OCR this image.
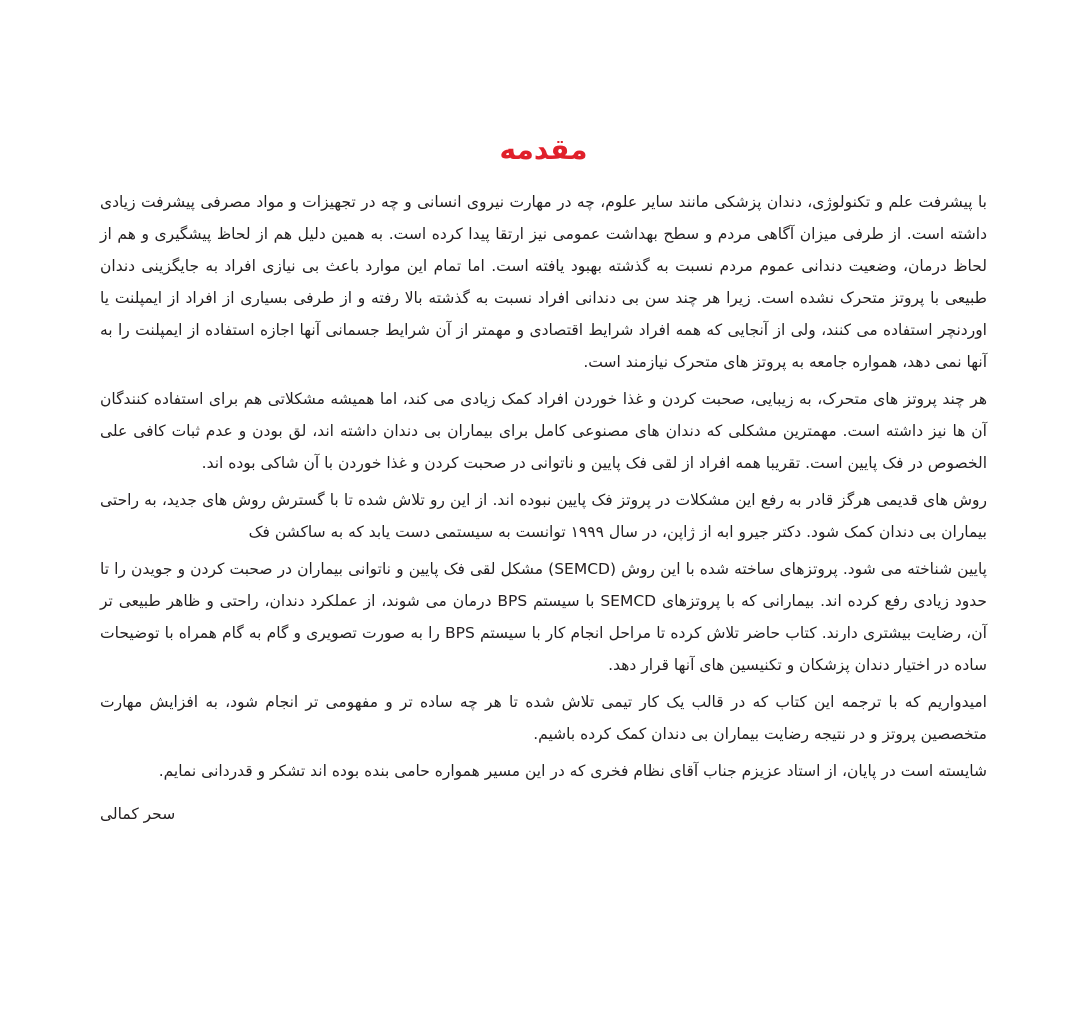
مقدمه

با پیشرفت علم و تکنولوژی، دندان پزشکی مانند سایر علوم، چه در مهارت نیروی انسانی و چه در تجهیزات و مواد مصرفی پیشرفت زیادی داشته است. از طرفی میزان آگاهی مردم و سطح بهداشت عمومی نیز ارتقا پیدا کرده است. به همین دلیل هم از لحاظ پیشگیری و هم از لحاظ درمان، وضعیت دندانی عموم مردم نسبت به گذشته بهبود یافته است. اما تمام این موارد باعث بی نیازی افراد به جایگزینی دندان طبیعی با پروتز متحرک نشده است. زیرا هر چند سن بی دندانی افراد نسبت به گذشته بالا رفته و از طرفی بسیاری از افراد از ایمپلنت یا اوردنچر استفاده می کنند، ولی از آنجایی که همه افراد شرایط اقتصادی و مهمتر از آن شرایط جسمانی آنها اجازه استفاده از ایمپلنت را به آنها نمی دهد، همواره جامعه به پروتز های متحرک نیازمند است.

هر چند پروتز های متحرک، به زیبایی، صحبت کردن و غذا خوردن افراد کمک زیادی می کند، اما همیشه مشکلاتی هم برای استفاده کنندگان آن ها نیز داشته است. مهمترین مشکلی که دندان های مصنوعی کامل برای بیماران بی دندان داشته اند، لق بودن و عدم ثبات کافی علی الخصوص در فک پایین است. تقریبا همه افراد از لقی فک پایین و ناتوانی در صحبت کردن و غذا خوردن با آن شاکی بوده اند.

روش های قدیمی هرگز قادر به رفع این مشکلات در پروتز فک پایین نبوده اند. از این رو تلاش شده تا با گسترش روش های جدید، به راحتی بیماران بی دندان کمک شود. دکتر جیرو ابه از ژاپن، در سال ۱۹۹۹ توانست به سیستمی دست یابد که به ساکشن فک

پایین شناخته می شود. پروتزهای ساخته شده با این روش (SEMCD) مشکل لقی فک پایین و ناتوانی بیماران در صحبت کردن و جویدن را تا حدود زیادی رفع کرده اند. بیمارانی که با پروتزهای SEMCD با سیستم BPS درمان می شوند، از عملکرد دندان، راحتی و ظاهر طبیعی تر آن، رضایت بیشتری دارند. کتاب حاضر تلاش کرده تا مراحل انجام کار با سیستم BPS را به صورت تصویری و گام به گام همراه با توضیحات ساده در اختیار دندان پزشکان و تکنیسین های آنها قرار دهد.

امیدواریم که با ترجمه این کتاب که در قالب یک کار تیمی تلاش شده تا هر چه ساده تر و مفهومی تر انجام شود، به افزایش مهارت متخصصین پروتز و در نتیجه رضایت بیماران بی دندان کمک کرده باشیم.

شایسته است در پایان، از استاد عزیزم جناب آقای نظام فخری که در این مسیر همواره حامی بنده بوده اند تشکر و قدردانی نمایم.

سحر کمالی
